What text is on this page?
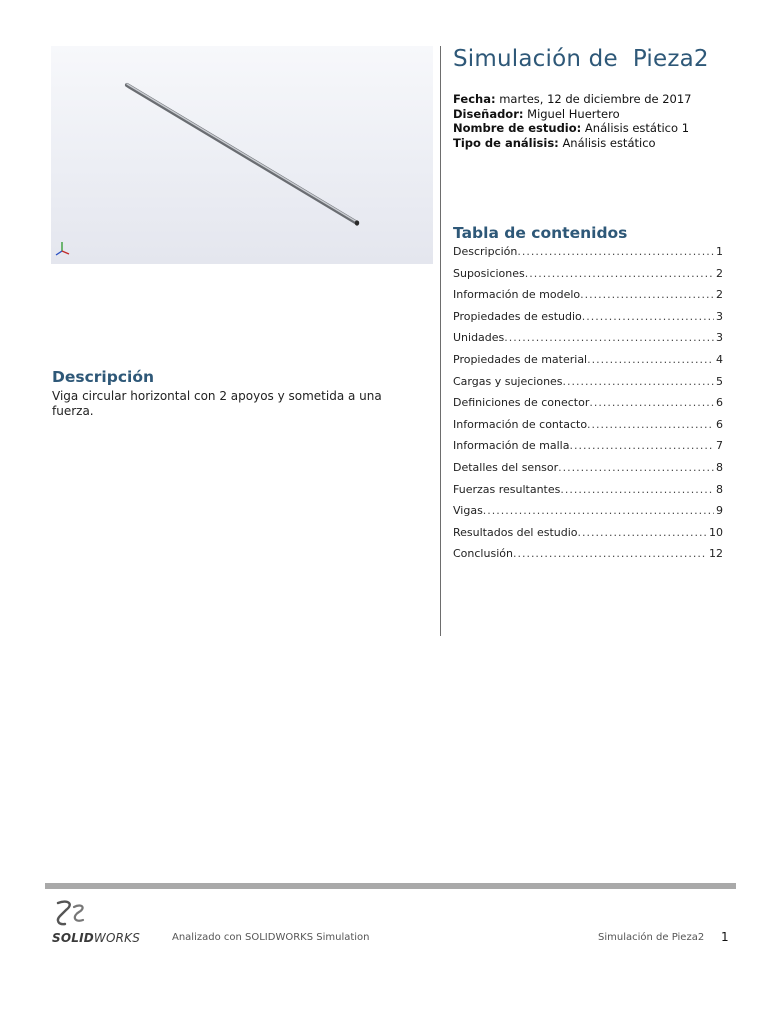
Simulación de  Pieza2
Fecha: martes, 12 de diciembre de 2017
Diseñador: Miguel Huertero
Nombre de estudio: Análisis estático 1
Tipo de análisis: Análisis estático
Tabla de contenidos
Descripción .....	1
Suposiciones .....	2
Información de modelo .....	2
Propiedades de estudio .....	3
Unidades .....	3
Propiedades de material .....	4
Cargas y sujeciones .....	5
Definiciones de conector .....	6
Información de contacto .....	6
Información de malla .....	7
Detalles del sensor .....	8
Fuerzas resultantes .....	8
Vigas .....	9
Resultados del estudio .....	10
Conclusión .....	12
Descripción
Viga circular horizontal con 2 apoyos y sometida a una fuerza.
SOLIDWORKS	Analizado con SOLIDWORKS Simulation	Simulación de Pieza2 1
